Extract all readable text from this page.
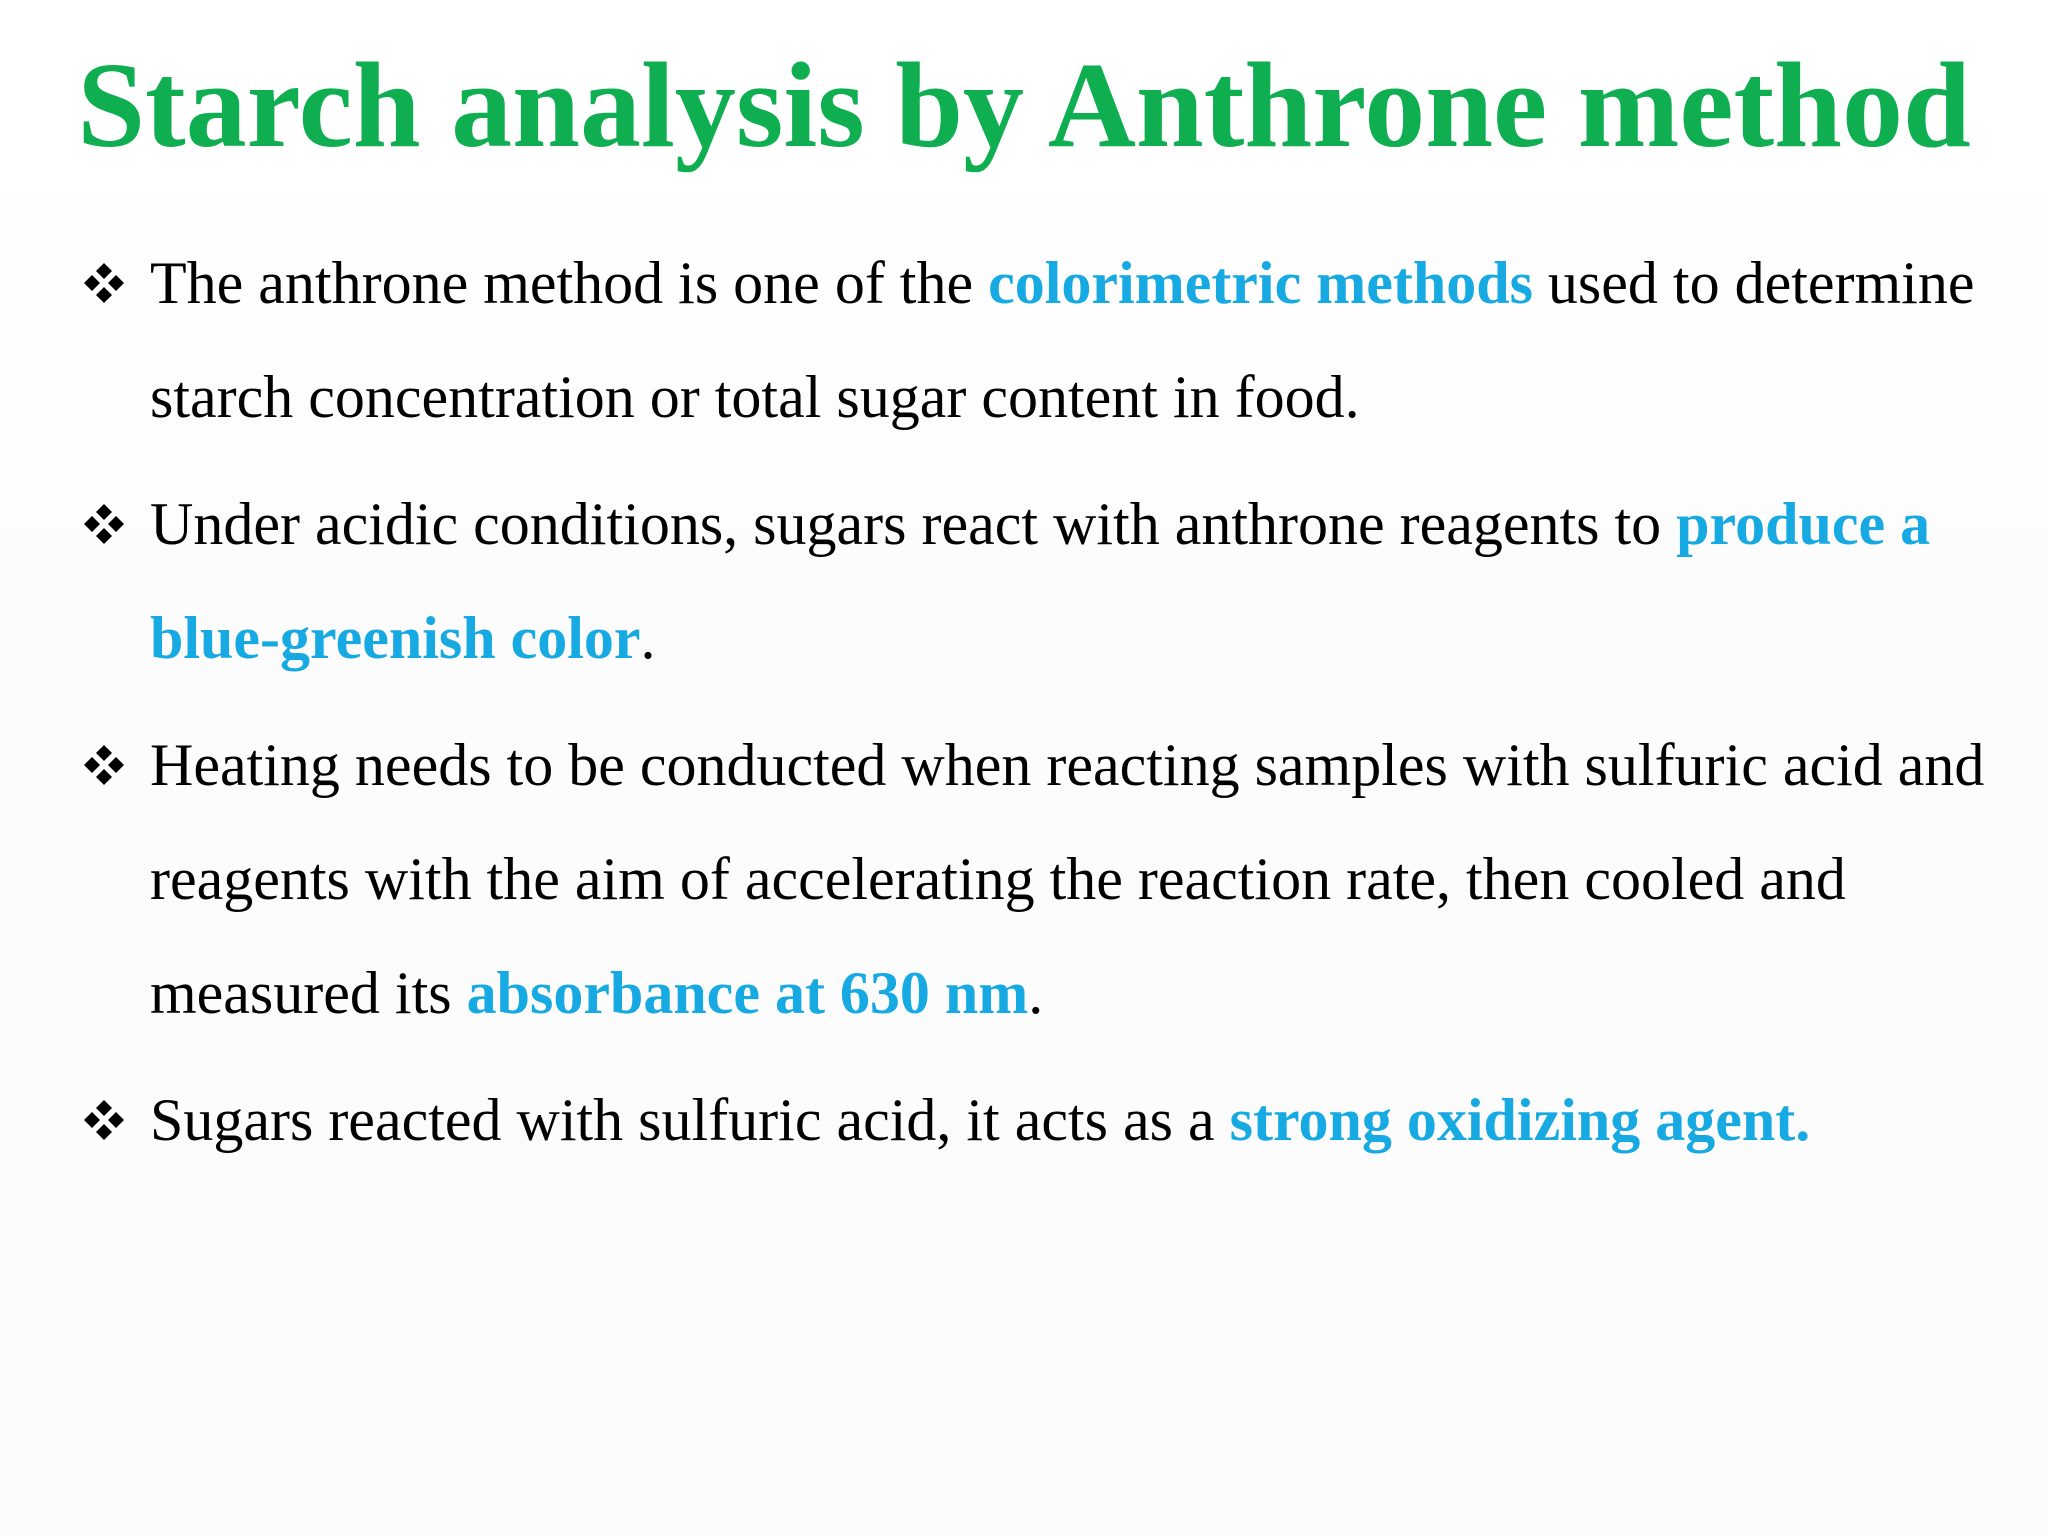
Starch analysis by Anthrone method
The anthrone method is one of the colorimetric methods used to determine starch concentration or total sugar content in food.
Under acidic conditions, sugars react with anthrone reagents to produce a blue-greenish color.
Heating needs to be conducted when reacting samples with sulfuric acid and reagents with the aim of accelerating the reaction rate, then cooled and measured its absorbance at 630 nm.
Sugars reacted with sulfuric acid, it acts as a strong oxidizing agent.
